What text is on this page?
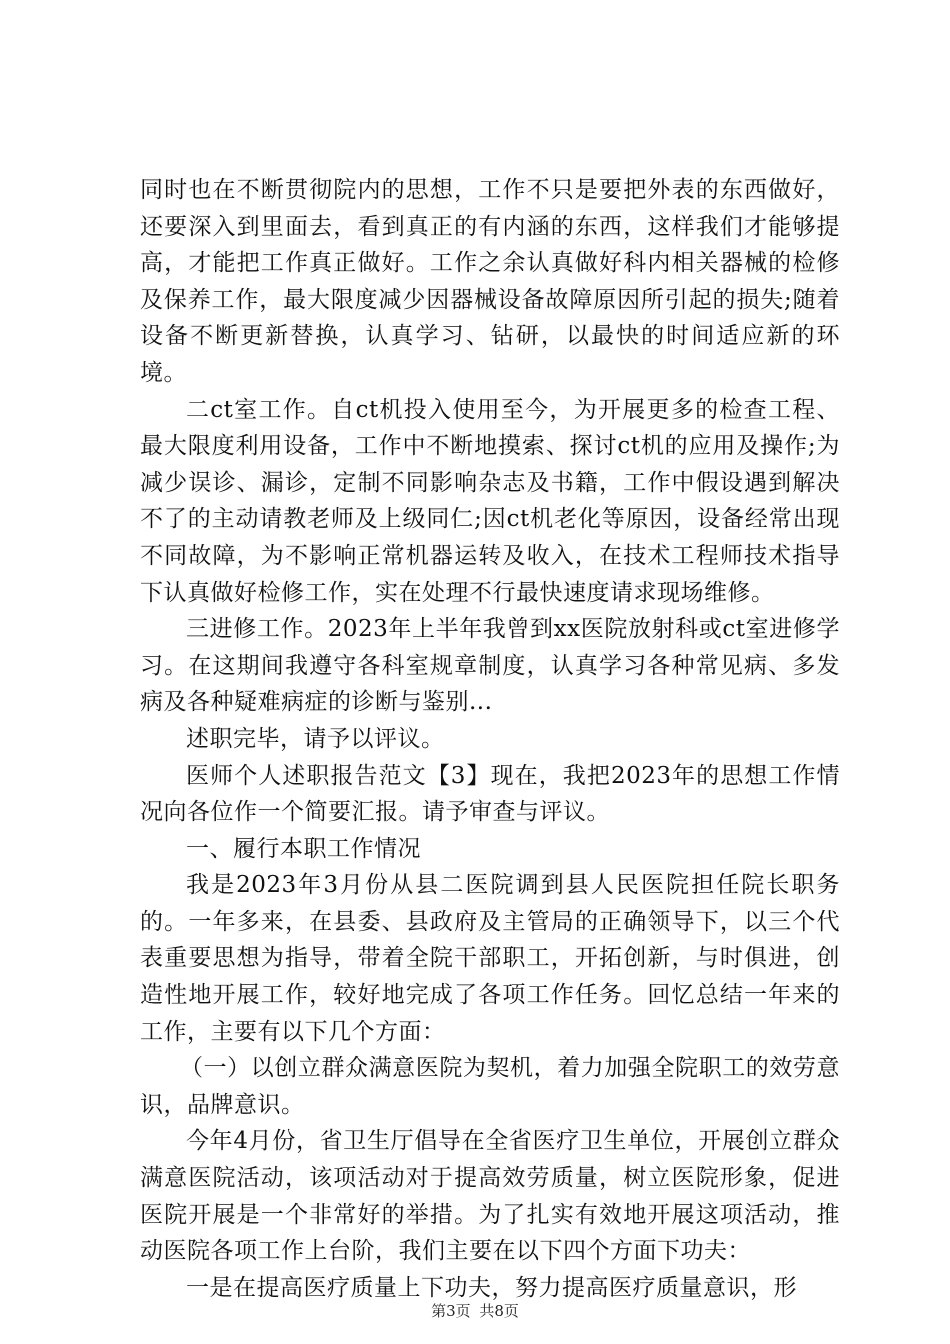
同时也在不断贯彻院内的思想，工作不只是要把外表的东西做好，还要深入到里面去，看到真正的有内涵的东西，这样我们才能够提高，才能把工作真正做好。工作之余认真做好科内相关器械的检修及保养工作，最大限度减少因器械设备故障原因所引起的损失;随着设备不断更新替换，认真学习、钻研，以最快的时间适应新的环境。

二ct室工作。自ct机投入使用至今，为开展更多的检查工程、最大限度利用设备，工作中不断地摸索、探讨ct机的应用及操作;为减少误诊、漏诊，定制不同影响杂志及书籍，工作中假设遇到解决不了的主动请教老师及上级同仁;因ct机老化等原因，设备经常出现不同故障，为不影响正常机器运转及收入，在技术工程师技术指导下认真做好检修工作，实在处理不行最快速度请求现场维修。

三进修工作。2023年上半年我曾到xx医院放射科或ct室进修学习。在这期间我遵守各科室规章制度，认真学习各种常见病、多发病及各种疑难病症的诊断与鉴别...

述职完毕，请予以评议。

医师个人述职报告范文【3】现在，我把2023年的思想工作情况向各位作一个简要汇报。请予审查与评议。

一、履行本职工作情况

我是2023年3月份从县二医院调到县人民医院担任院长职务的。一年多来，在县委、县政府及主管局的正确领导下，以三个代表重要思想为指导，带着全院干部职工，开拓创新，与时俱进，创造性地开展工作，较好地完成了各项工作任务。回忆总结一年来的工作，主要有以下几个方面：

（一）以创立群众满意医院为契机，着力加强全院职工的效劳意识，品牌意识。

今年4月份，省卫生厅倡导在全省医疗卫生单位，开展创立群众满意医院活动，该项活动对于提高效劳质量，树立医院形象，促进医院开展是一个非常好的举措。为了扎实有效地开展这项活动，推动医院各项工作上台阶，我们主要在以下四个方面下功夫：

一是在提高医疗质量上下功夫，努力提高医疗质量意识，形

第3页 共8页
